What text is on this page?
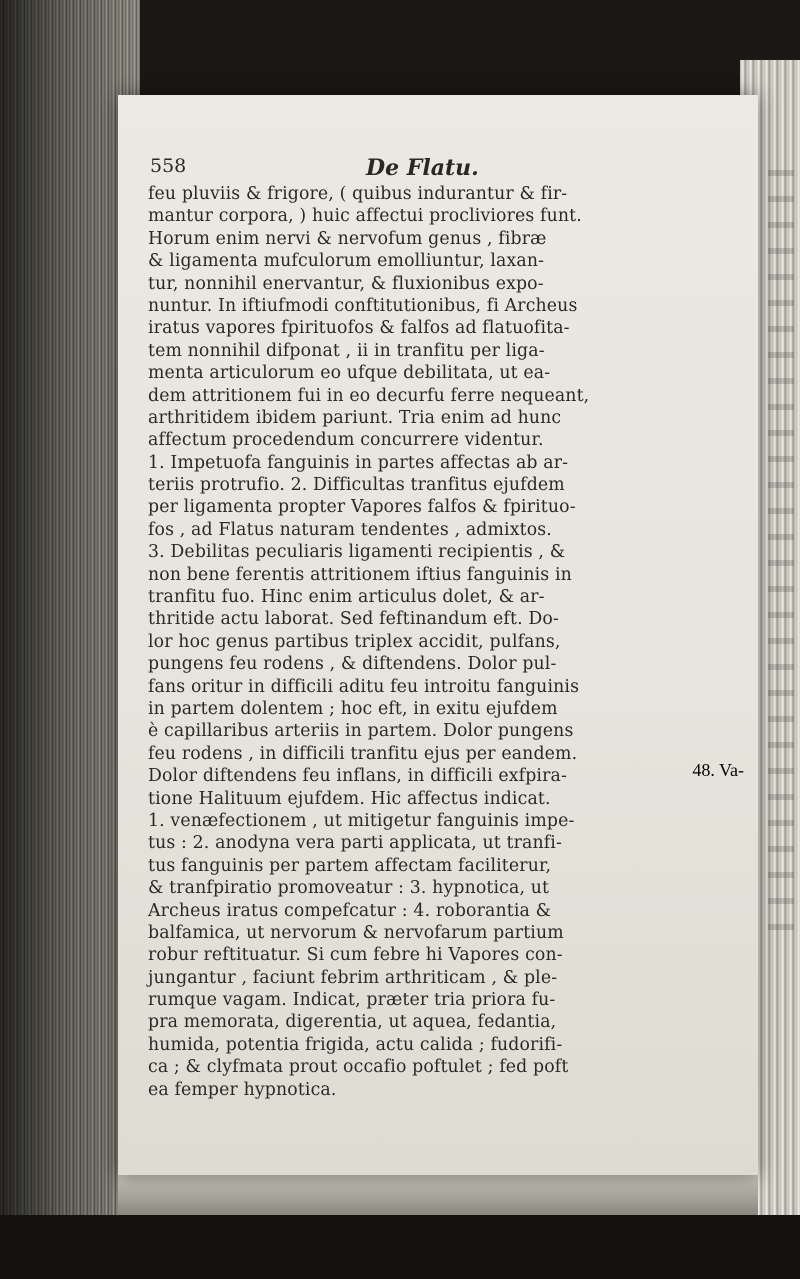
558	De Flatu.
feu pluviis & frigore, ( quibus indurantur & fir-
mantur corpora, ) huic affectui procliviores funt.
Horum enim nervi & nervofum genus , fibræ
& ligamenta mufculorum emolliuntur, laxan-
tur, nonnihil enervantur, & fluxionibus expo-
nuntur. In iftiufmodi conftitutionibus, fi Archeus
iratus vapores fpirituofos & falfos ad flatuofita-
tem nonnihil difponat , ii in tranfitu per liga-
menta articulorum eo ufque debilitata, ut ea-
dem attritionem fui in eo decurfu ferre nequeant,
arthritidem ibidem pariunt. Tria enim ad hunc
affectum procedendum concurrere videntur.
1. Impetuofa fanguinis in partes affectas ab ar-
teriis protrufio. 2. Difficultas tranfitus ejufdem
per ligamenta propter Vapores falfos & fpirituo-
fos , ad Flatus naturam tendentes , admixtos.
3. Debilitas peculiaris ligamenti recipientis , &
non bene ferentis attritionem iftius fanguinis in
tranfitu fuo. Hinc enim articulus dolet, & ar-
thritide actu laborat. Sed feftinandum eft. Do-
lor hoc genus partibus triplex accidit, pulfans,
pungens feu rodens , & diftendens. Dolor pul-
fans oritur in difficili aditu feu introitu fanguinis
in partem dolentem ; hoc eft, in exitu ejufdem
è capillaribus arteriis in partem. Dolor pungens
feu rodens , in difficili tranfitu ejus per eandem.
Dolor diftendens feu inflans, in difficili exfpira-
tione Halituum ejufdem. Hic affectus indicat.
1. venæfectionem , ut mitigetur fanguinis impe-
tus : 2. anodyna vera parti applicata, ut tranfi-
tus fanguinis per partem affectam faciliterur,
& tranfpiratio promoveatur : 3. hypnotica, ut
Archeus iratus compefcatur : 4. roborantia &
balfamica, ut nervorum & nervofarum partium
robur reftituatur. Si cum febre hi Vapores con-
jungantur , faciunt febrim arthriticam , & ple-
rumque vagam. Indicat, præter tria priora fu-
pra memorata, digerentia, ut aquea, fedantia,
humida, potentia frigida, actu calida ; fudorifi-
ca ; & clyfmata prout occafio poftulet ; fed poft
ea femper hypnotica.
48. Va-
